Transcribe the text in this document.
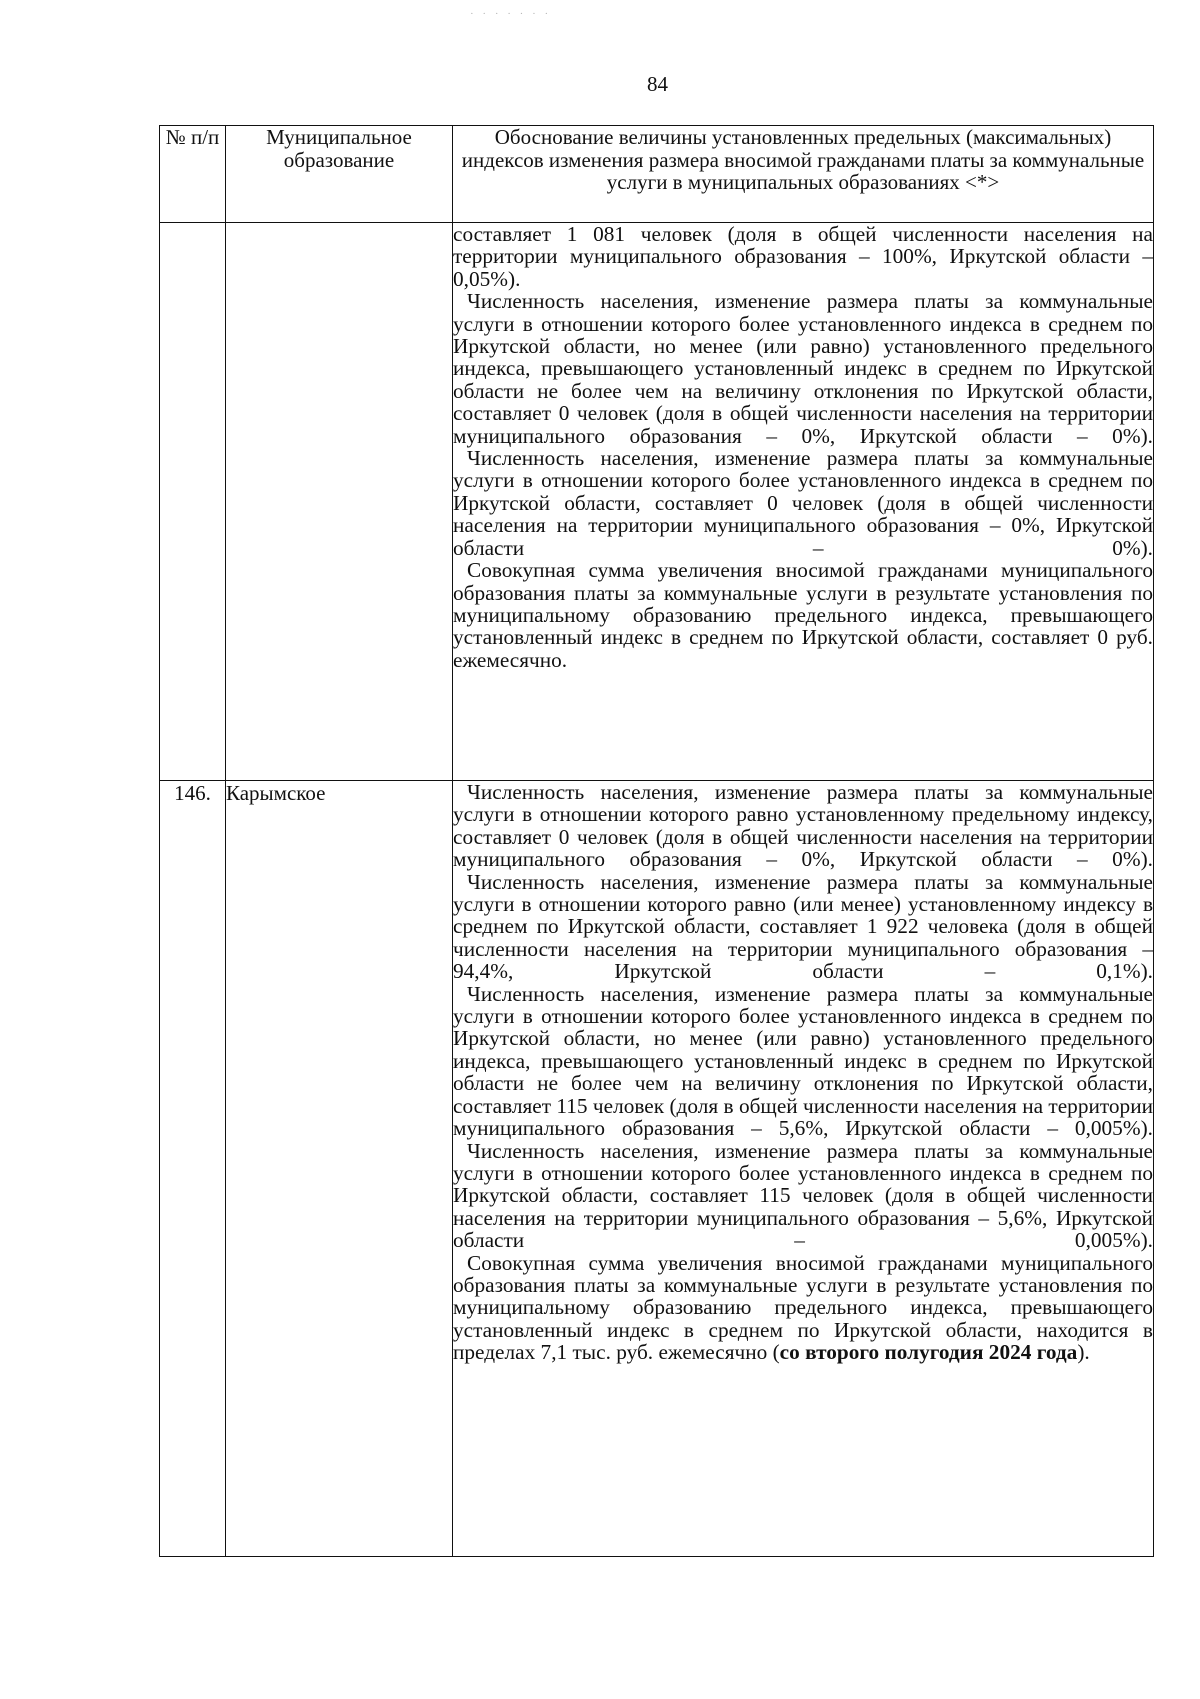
· · · · · · ·
84
№ п/п	Муниципальное образование	Обоснование величины установленных предельных (максимальных) индексов изменения размера вносимой гражданами платы за коммунальные услуги в муниципальных образованиях <*>

		составляет 1 081 человек (доля в общей численности населения на территории муниципального образования – 100%, Иркутской области – 0,05%).

Численность населения, изменение размера платы за коммунальные услуги в отношении которого более установленного индекса в среднем по Иркутской области, но менее (или равно) установленного предельного индекса, превышающего установленный индекс в среднем по Иркутской области не более чем на величину отклонения по Иркутской области, составляет 0 человек (доля в общей численности населения на территории муниципального образования – 0%, Иркутской области – 0%).

Численность населения, изменение размера платы за коммунальные услуги в отношении которого более установленного индекса в среднем по Иркутской области, составляет 0 человек (доля в общей численности населения на территории муниципального образования – 0%, Иркутской области – 0%).

Совокупная сумма увеличения вносимой гражданами муниципального образования платы за коммунальные услуги в результате установления по муниципальному образованию предельного индекса, превышающего установленный индекс в среднем по Иркутской области, составляет 0 руб. ежемесячно.

146.	Карымское	Численность населения, изменение размера платы за коммунальные услуги в отношении которого равно установленному предельному индексу, составляет 0 человек (доля в общей численности населения на территории муниципального образования – 0%, Иркутской области – 0%).

Численность населения, изменение размера платы за коммунальные услуги в отношении которого равно (или менее) установленному индексу в среднем по Иркутской области, составляет 1 922 человека (доля в общей численности населения на территории муниципального образования – 94,4%, Иркутской области – 0,1%).

Численность населения, изменение размера платы за коммунальные услуги в отношении которого более установленного индекса в среднем по Иркутской области, но менее (или равно) установленного предельного индекса, превышающего установленный индекс в среднем по Иркутской области не более чем на величину отклонения по Иркутской области, составляет 115 человек (доля в общей численности населения на территории муниципального образования – 5,6%, Иркутской области – 0,005%).

Численность населения, изменение размера платы за коммунальные услуги в отношении которого более установленного индекса в среднем по Иркутской области, составляет 115 человек (доля в общей численности населения на территории муниципального образования – 5,6%, Иркутской области – 0,005%).

Совокупная сумма увеличения вносимой гражданами муниципального образования платы за коммунальные услуги в результате установления по муниципальному образованию предельного индекса, превышающего установленный индекс в среднем по Иркутской области, находится в пределах 7,1 тыс. руб. ежемесячно (со второго полугодия 2024 года).
